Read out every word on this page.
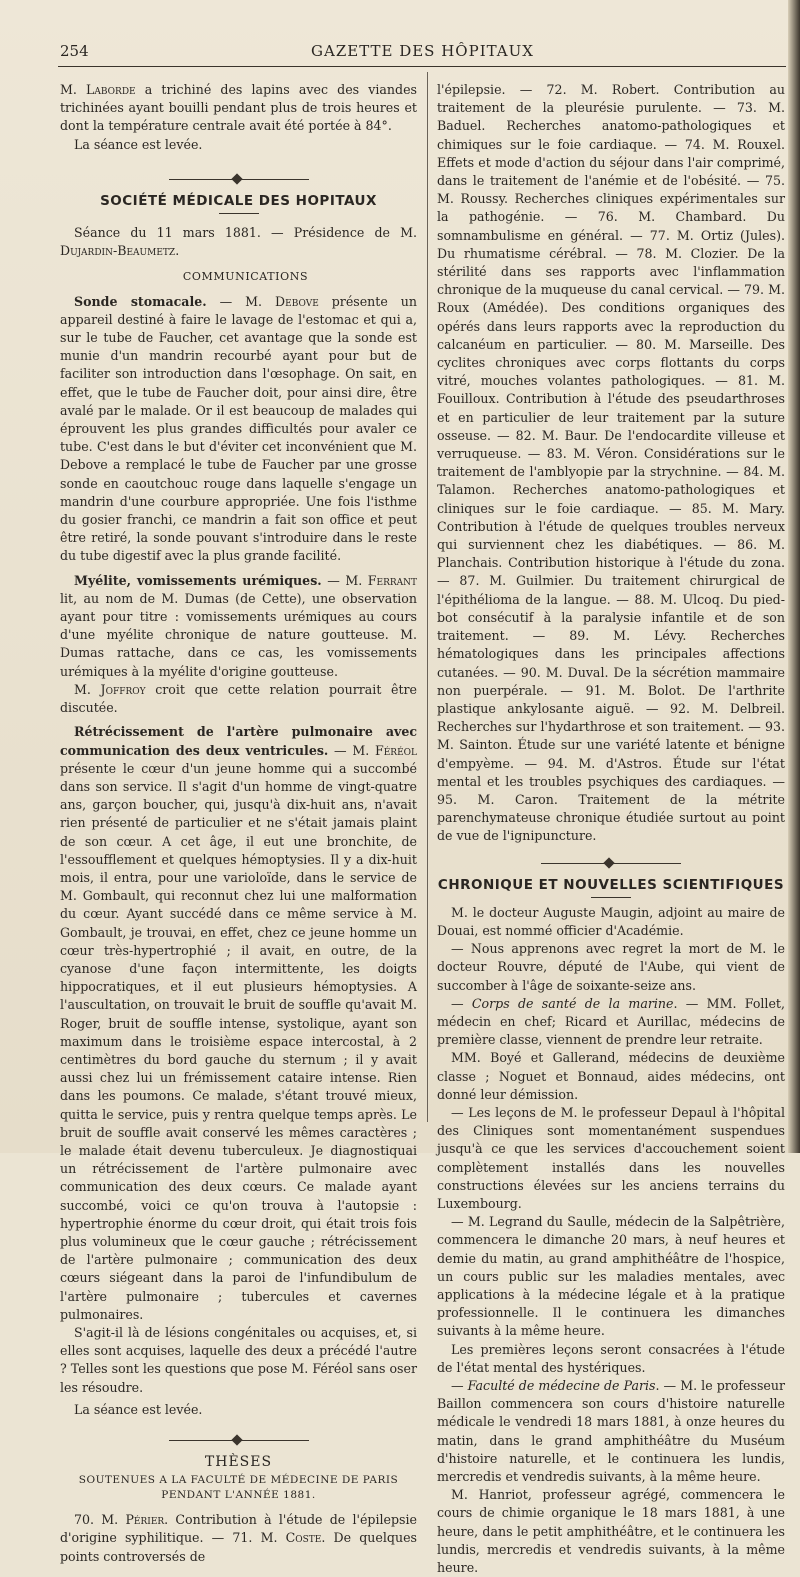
254	GAZETTE DES HÔPITAUX

M. Laborde a trichiné des lapins avec des viandes trichinées ayant bouilli pendant plus de trois heures et dont la température centrale avait été portée à 84°.

La séance est levée.

SOCIÉTÉ MÉDICALE DES HOPITAUX

Séance du 11 mars 1881. — Présidence de M. Dujardin-Beaumetz.

COMMUNICATIONS

Sonde stomacale. — M. Debove présente un appareil destiné à faire le lavage de l'estomac et qui a, sur le tube de Faucher, cet avantage que la sonde est munie d'un mandrin recourbé ayant pour but de faciliter son introduction dans l'œsophage. On sait, en effet, que le tube de Faucher doit, pour ainsi dire, être avalé par le malade. Or il est beaucoup de malades qui éprouvent les plus grandes difficultés pour avaler ce tube. C'est dans le but d'éviter cet inconvénient que M. Debove a remplacé le tube de Faucher par une grosse sonde en caoutchouc rouge dans laquelle s'engage un mandrin d'une courbure appropriée. Une fois l'isthme du gosier franchi, ce mandrin a fait son office et peut être retiré, la sonde pouvant s'introduire dans le reste du tube digestif avec la plus grande facilité.

Myélite, vomissements urémiques. — M. Ferrant lit, au nom de M. Dumas (de Cette), une observation ayant pour titre : vomissements urémiques au cours d'une myélite chronique de nature goutteuse. M. Dumas rattache, dans ce cas, les vomissements urémiques à la myélite d'origine goutteuse.

M. Joffroy croit que cette relation pourrait être discutée.

Rétrécissement de l'artère pulmonaire avec communication des deux ventricules. — M. Féréol présente le cœur d'un jeune homme qui a succombé dans son service. Il s'agit d'un homme de vingt-quatre ans, garçon boucher, qui, jusqu'à dix-huit ans, n'avait rien présenté de particulier et ne s'était jamais plaint de son cœur. A cet âge, il eut une bronchite, de l'essoufflement et quelques hémoptysies. Il y a dix-huit mois, il entra, pour une varioloïde, dans le service de M. Gombault, qui reconnut chez lui une malformation du cœur. Ayant succédé dans ce même service à M. Gombault, je trouvai, en effet, chez ce jeune homme un cœur très-hypertrophié ; il avait, en outre, de la cyanose d'une façon intermittente, les doigts hippocratiques, et il eut plusieurs hémoptysies. A l'auscultation, on trouvait le bruit de souffle qu'avait M. Roger, bruit de souffle intense, systolique, ayant son maximum dans le troisième espace intercostal, à 2 centimètres du bord gauche du sternum ; il y avait aussi chez lui un frémissement cataire intense. Rien dans les poumons. Ce malade, s'étant trouvé mieux, quitta le service, puis y rentra quelque temps après. Le bruit de souffle avait conservé les mêmes caractères ; le malade était devenu tuberculeux. Je diagnostiquai un rétrécissement de l'artère pulmonaire avec communication des deux cœurs. Ce malade ayant succombé, voici ce qu'on trouva à l'autopsie : hypertrophie énorme du cœur droit, qui était trois fois plus volumineux que le cœur gauche ; rétrécissement de l'artère pulmonaire ; communication des deux cœurs siégeant dans la paroi de l'infundibulum de l'artère pulmonaire ; tubercules et cavernes pulmonaires.

S'agit-il là de lésions congénitales ou acquises, et, si elles sont acquises, laquelle des deux a précédé l'autre ? Telles sont les questions que pose M. Féréol sans oser les résoudre.

La séance est levée.

THÈSES
SOUTENUES A LA FACULTÉ DE MÉDECINE DE PARIS
PENDANT L'ANNÉE 1881.

70. M. Périer. Contribution à l'étude de l'épilepsie d'origine syphilitique. — 71. M. Coste. De quelques points controversés de

l'épilepsie. — 72. M. Robert. Contribution au traitement de la pleurésie purulente. — 73. M. Baduel. Recherches anatomo-pathologiques et chimiques sur le foie cardiaque. — 74. M. Rouxel. Effets et mode d'action du séjour dans l'air comprimé, dans le traitement de l'anémie et de l'obésité. — 75. M. Roussy. Recherches cliniques expérimentales sur la pathogénie. — 76. M. Chambard. Du somnambulisme en général. — 77. M. Ortiz (Jules). Du rhumatisme cérébral. — 78. M. Clozier. De la stérilité dans ses rapports avec l'inflammation chronique de la muqueuse du canal cervical. — 79. M. Roux (Amédée). Des conditions organiques des opérés dans leurs rapports avec la reproduction du calcanéum en particulier. — 80. M. Marseille. Des cyclites chroniques avec corps flottants du corps vitré, mouches volantes pathologiques. — 81. M. Fouilloux. Contribution à l'étude des pseudarthroses et en particulier de leur traitement par la suture osseuse. — 82. M. Baur. De l'endocardite villeuse et verruqueuse. — 83. M. Véron. Considérations sur le traitement de l'amblyopie par la strychnine. — 84. M. Talamon. Recherches anatomo-pathologiques et cliniques sur le foie cardiaque. — 85. M. Mary. Contribution à l'étude de quelques troubles nerveux qui surviennent chez les diabétiques. — 86. M. Planchais. Contribution historique à l'étude du zona. — 87. M. Guilmier. Du traitement chirurgical de l'épithélioma de la langue. — 88. M. Ulcoq. Du pied-bot consécutif à la paralysie infantile et de son traitement. — 89. M. Lévy. Recherches hématologiques dans les principales affections cutanées. — 90. M. Duval. De la sécrétion mammaire non puerpérale. — 91. M. Bolot. De l'arthrite plastique ankylosante aiguë. — 92. M. Delbreil. Recherches sur l'hydarthrose et son traitement. — 93. M. Sainton. Étude sur une variété latente et bénigne d'empyème. — 94. M. d'Astros. Étude sur l'état mental et les troubles psychiques des cardiaques. — 95. M. Caron. Traitement de la métrite parenchymateuse chronique étudiée surtout au point de vue de l'ignipuncture.

CHRONIQUE ET NOUVELLES SCIENTIFIQUES

M. le docteur Auguste Maugin, adjoint au maire de Douai, est nommé officier d'Académie.

— Nous apprenons avec regret la mort de M. le docteur Rouvre, député de l'Aube, qui vient de succomber à l'âge de soixante-seize ans.

— Corps de santé de la marine. — MM. Follet, médecin en chef; Ricard et Aurillac, médecins de première classe, viennent de prendre leur retraite.

MM. Boyé et Gallerand, médecins de deuxième classe ; Noguet et Bonnaud, aides médecins, ont donné leur démission.

— Les leçons de M. le professeur Depaul à l'hôpital des Cliniques sont momentanément suspendues jusqu'à ce que les services d'accouchement soient complètement installés dans les nouvelles constructions élevées sur les anciens terrains du Luxembourg.

— M. Legrand du Saulle, médecin de la Salpêtrière, commencera le dimanche 20 mars, à neuf heures et demie du matin, au grand amphithéâtre de l'hospice, un cours public sur les maladies mentales, avec applications à la médecine légale et à la pratique professionnelle. Il le continuera les dimanches suivants à la même heure.

Les premières leçons seront consacrées à l'étude de l'état mental des hystériques.

— Faculté de médecine de Paris. — M. le professeur Baillon commencera son cours d'histoire naturelle médicale le vendredi 18 mars 1881, à onze heures du matin, dans le grand amphithéâtre du Muséum d'histoire naturelle, et le continuera les lundis, mercredis et vendredis suivants, à la même heure.

M. Hanriot, professeur agrégé, commencera le cours de chimie organique le 18 mars 1881, à une heure, dans le petit amphithéâtre, et le continuera les lundis, mercredis et vendredis suivants, à la même heure.
